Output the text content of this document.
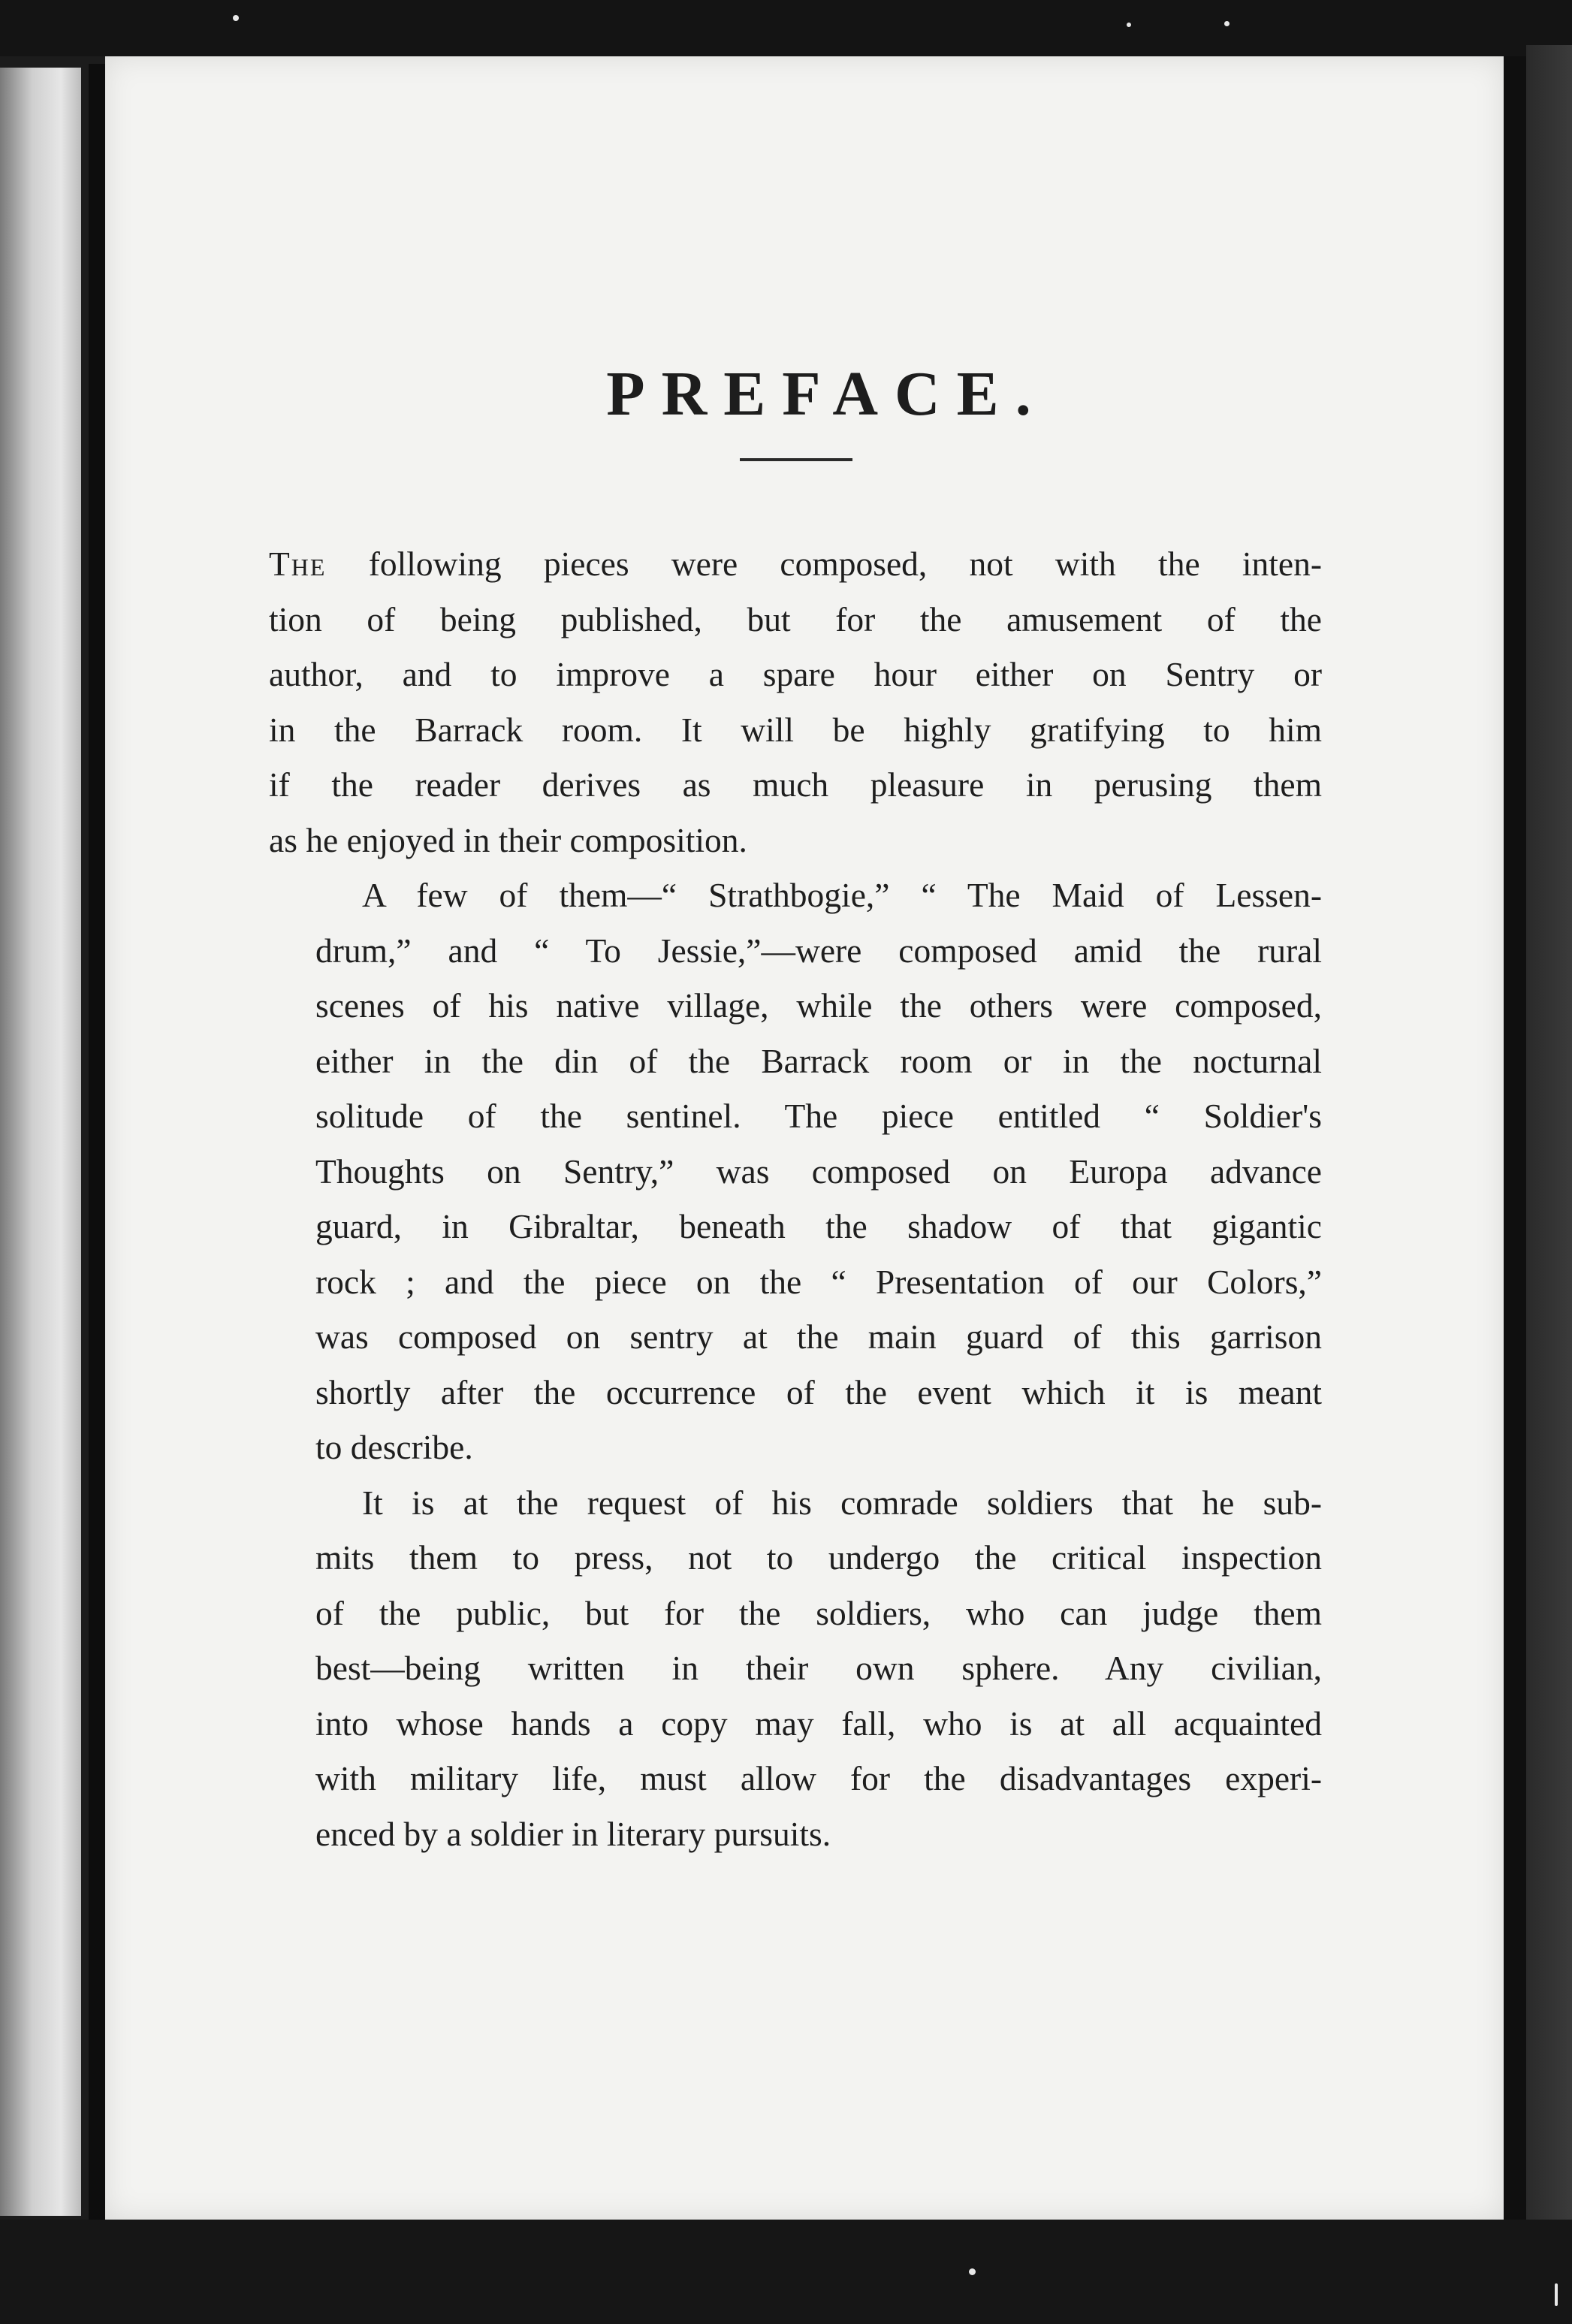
PREFACE.

The following pieces were composed, not with the inten-
tion of being published, but for the amusement of the
author, and to improve a spare hour either on Sentry or
in the Barrack room. It will be highly gratifying to him
if the reader derives as much pleasure in perusing them
as he enjoyed in their composition.

A few of them—“ Strathbogie,” “ The Maid of Lessen-
drum,” and “ To Jessie,”—were composed amid the rural
scenes of his native village, while the others were composed,
either in the din of the Barrack room or in the nocturnal
solitude of the sentinel. The piece entitled “ Soldier's
Thoughts on Sentry,” was composed on Europa advance
guard, in Gibraltar, beneath the shadow of that gigantic
rock ; and the piece on the “ Presentation of our Colors,”
was composed on sentry at the main guard of this garrison
shortly after the occurrence of the event which it is meant
to describe.

It is at the request of his comrade soldiers that he sub-
mits them to press, not to undergo the critical inspection
of the public, but for the soldiers, who can judge them
best—being written in their own sphere. Any civilian,
into whose hands a copy may fall, who is at all acquainted
with military life, must allow for the disadvantages experi-
enced by a soldier in literary pursuits.
